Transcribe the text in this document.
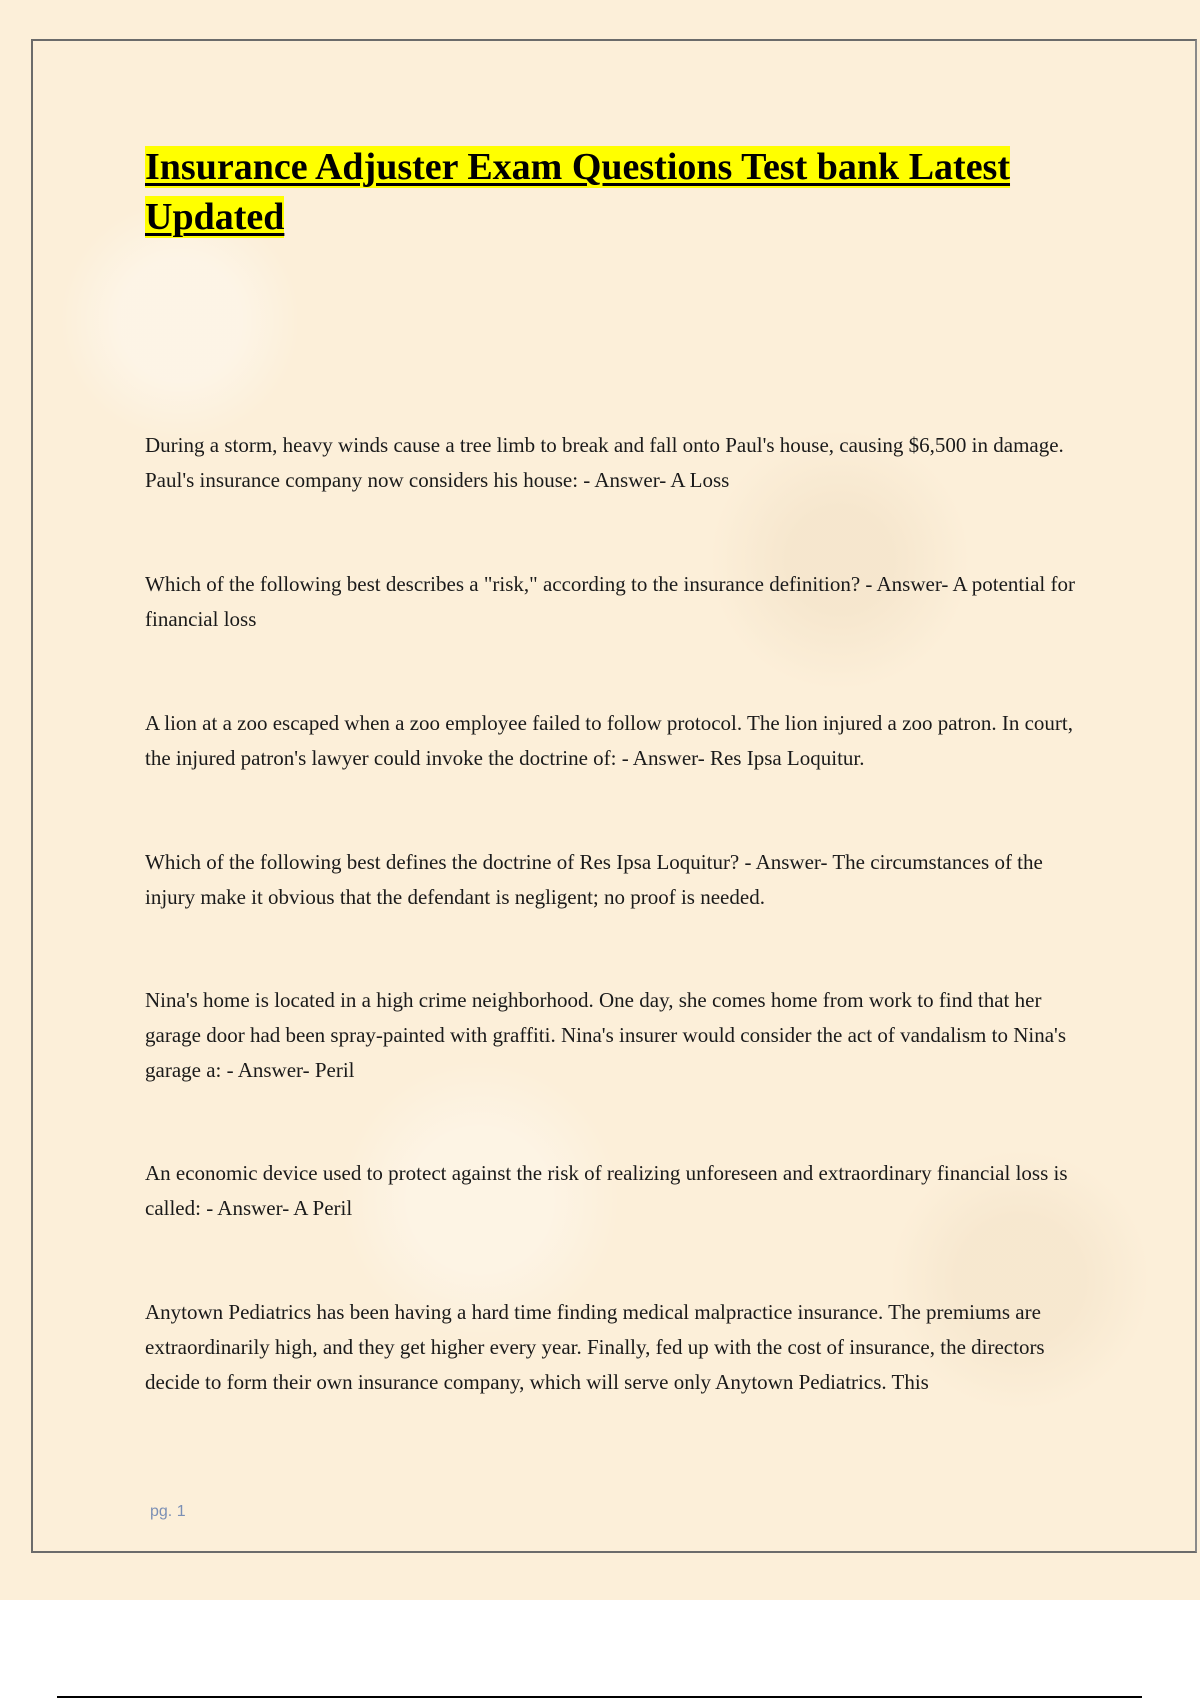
Insurance Adjuster Exam Questions Test bank Latest Updated

During a storm, heavy winds cause a tree limb to break and fall onto Paul's house, causing $6,500 in damage. Paul's insurance company now considers his house: - Answer- A Loss

Which of the following best describes a "risk," according to the insurance definition? - Answer- A potential for financial loss

A lion at a zoo escaped when a zoo employee failed to follow protocol. The lion injured a zoo patron. In court, the injured patron's lawyer could invoke the doctrine of: - Answer- Res Ipsa Loquitur.

Which of the following best defines the doctrine of Res Ipsa Loquitur? - Answer- The circumstances of the injury make it obvious that the defendant is negligent; no proof is needed.

Nina's home is located in a high crime neighborhood. One day, she comes home from work to find that her garage door had been spray-painted with graffiti. Nina's insurer would consider the act of vandalism to Nina's garage a: - Answer- Peril

An economic device used to protect against the risk of realizing unforeseen and extraordinary financial loss is called: - Answer- A Peril

Anytown Pediatrics has been having a hard time finding medical malpractice insurance. The premiums are extraordinarily high, and they get higher every year. Finally, fed up with the cost of insurance, the directors decide to form their own insurance company, which will serve only Anytown Pediatrics. This

pg. 1
